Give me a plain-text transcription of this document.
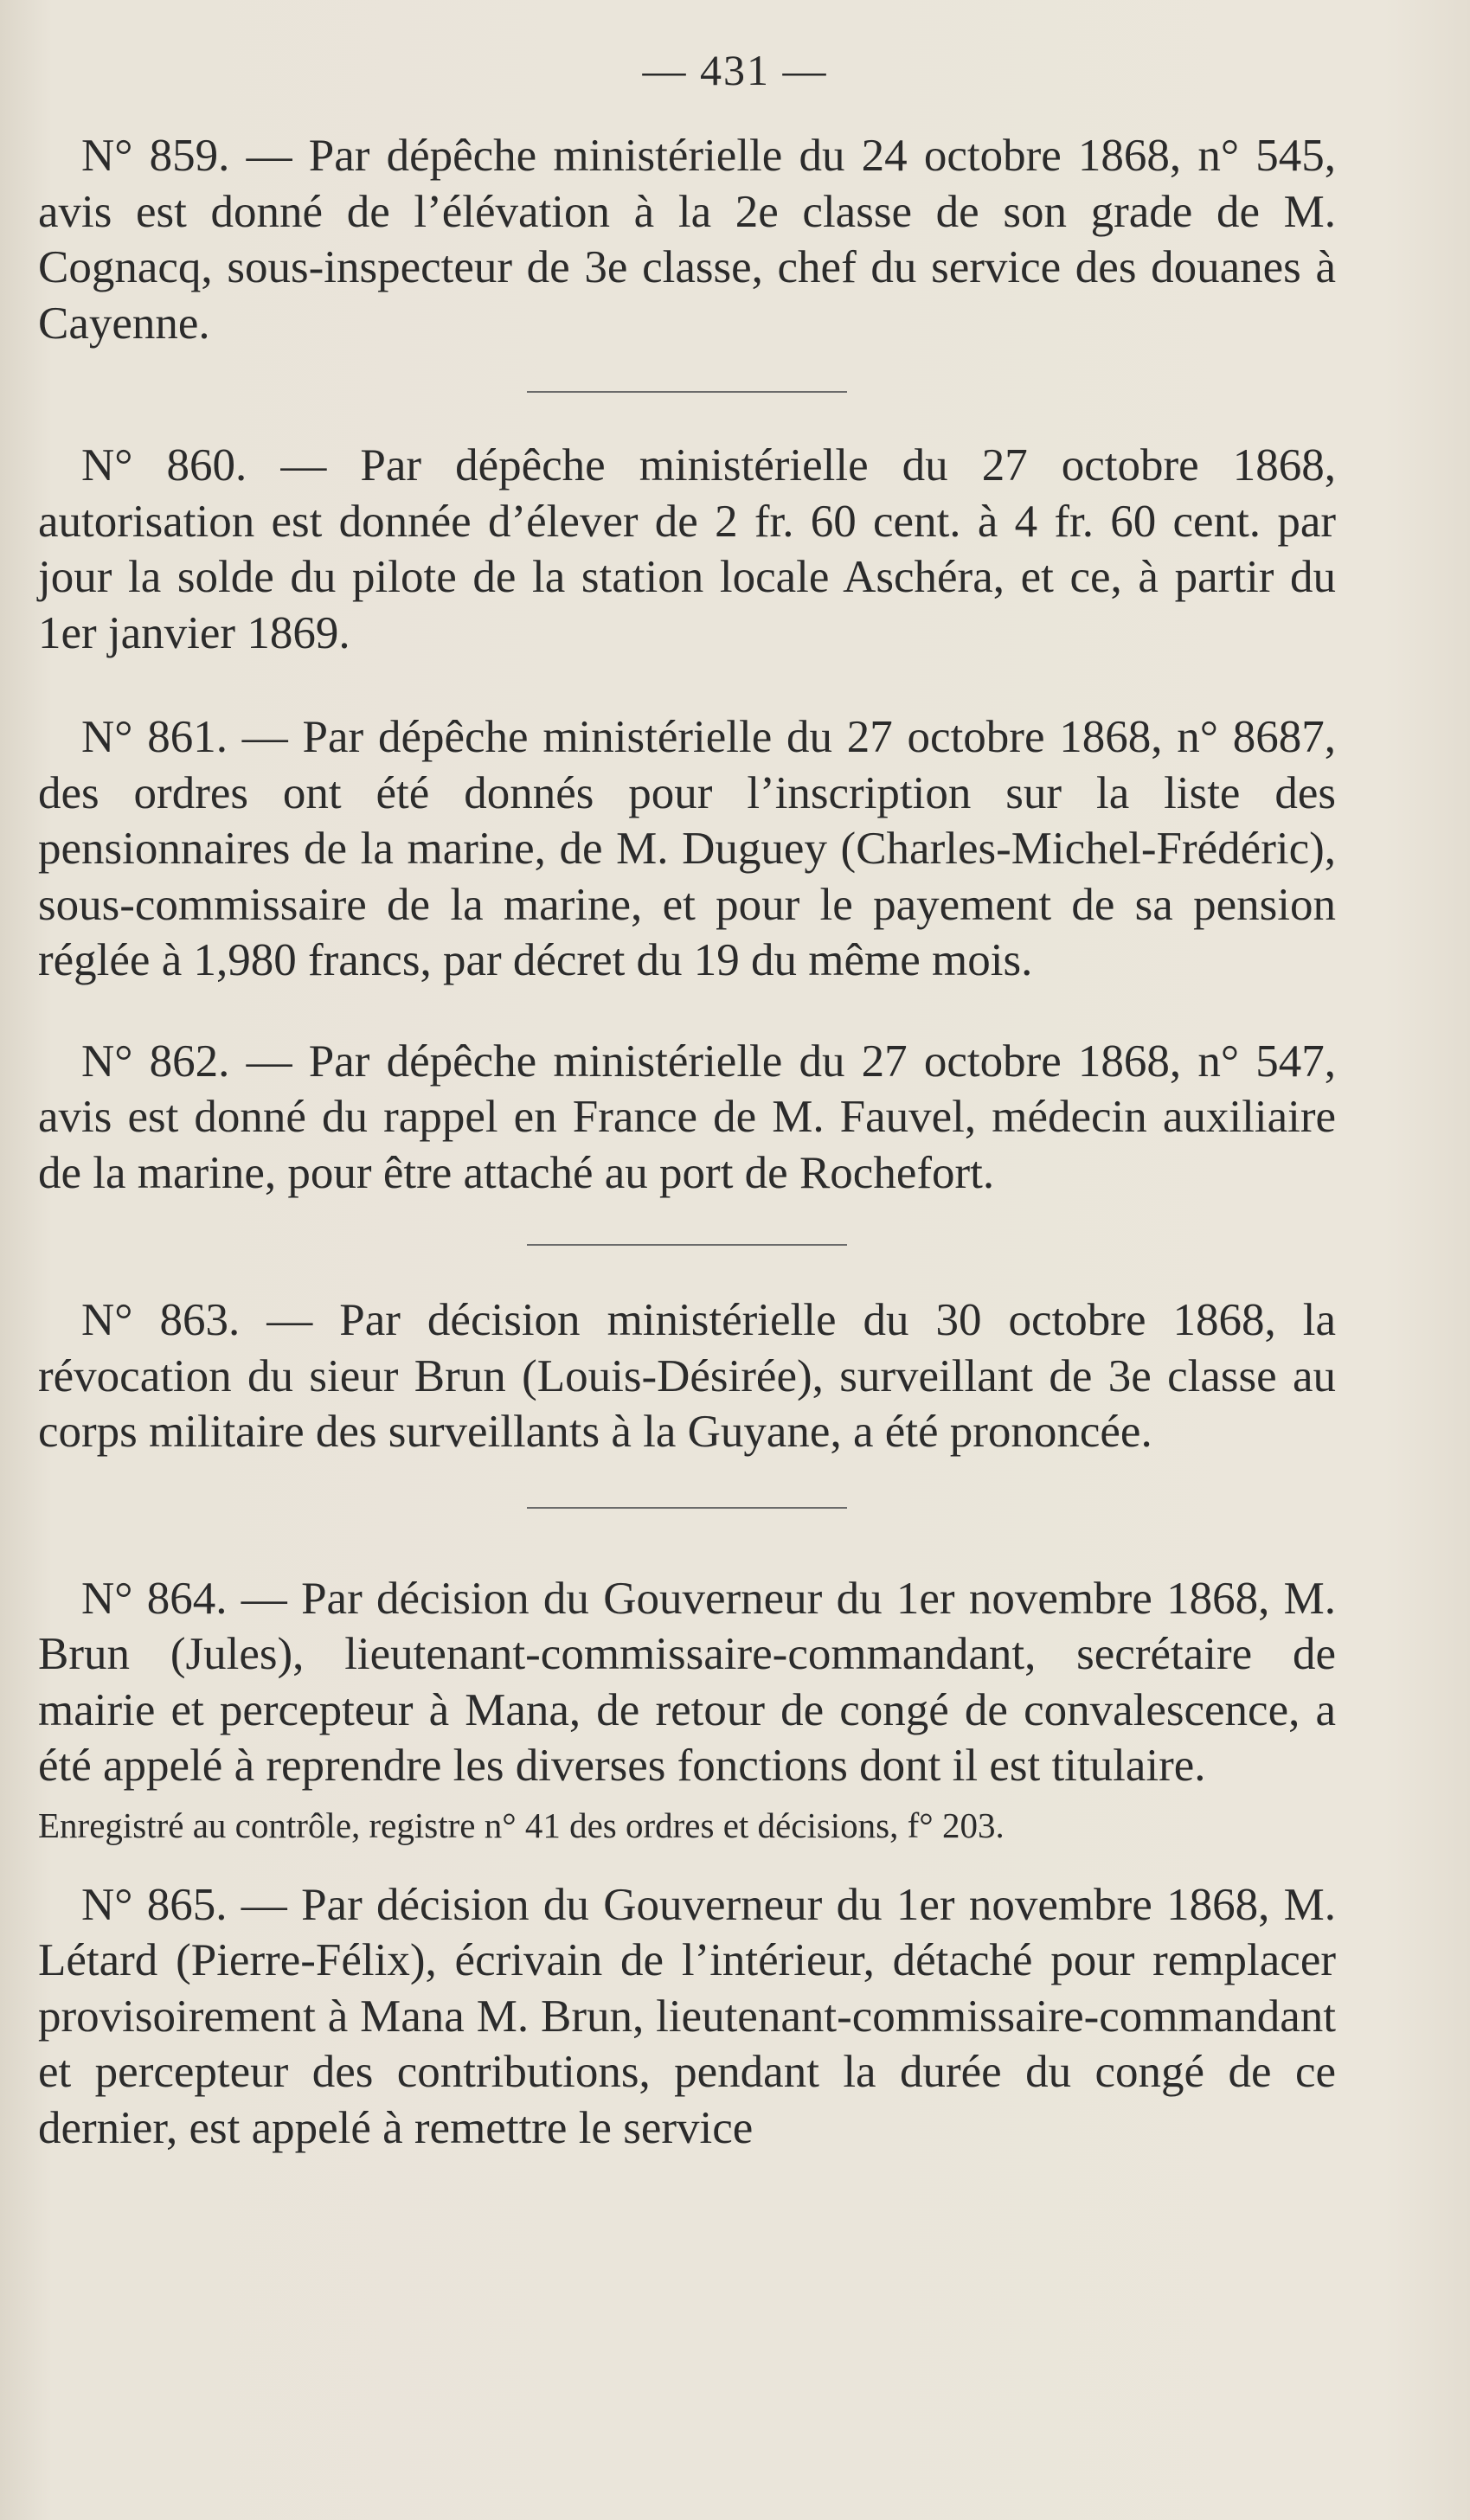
— 431 —

N° 859. — Par dépêche ministérielle du 24 octobre 1868, n° 545, avis est donné de l’élévation à la 2e classe de son grade de M. Cognacq, sous-inspecteur de 3e classe, chef du service des douanes à Cayenne.

N° 860. — Par dépêche ministérielle du 27 octobre 1868, autorisation est donnée d’élever de 2 fr. 60 cent. à 4 fr. 60 cent. par jour la solde du pilote de la station locale Aschéra, et ce, à partir du 1er janvier 1869.

N° 861. — Par dépêche ministérielle du 27 octobre 1868, n° 8687, des ordres ont été donnés pour l’inscription sur la liste des pensionnaires de la marine, de M. Duguey (Charles-Michel-Frédéric), sous-commissaire de la marine, et pour le payement de sa pension réglée à 1,980 francs, par décret du 19 du même mois.

N° 862. — Par dépêche ministérielle du 27 octobre 1868, n° 547, avis est donné du rappel en France de M. Fauvel, médecin auxiliaire de la marine, pour être attaché au port de Rochefort.

N° 863. — Par décision ministérielle du 30 octobre 1868, la révocation du sieur Brun (Louis-Désirée), surveillant de 3e classe au corps militaire des surveillants à la Guyane, a été prononcée.

N° 864. — Par décision du Gouverneur du 1er novembre 1868, M. Brun (Jules), lieutenant-commissaire-commandant, secrétaire de mairie et percepteur à Mana, de retour de congé de convalescence, a été appelé à reprendre les diverses fonctions dont il est titulaire.

Enregistré au contrôle, registre n° 41 des ordres et décisions, f° 203.

N° 865. — Par décision du Gouverneur du 1er novembre 1868, M. Létard (Pierre-Félix), écrivain de l’intérieur, détaché pour remplacer provisoirement à Mana M. Brun, lieutenant-commissaire-commandant et percepteur des contributions, pendant la durée du congé de ce dernier, est appelé à remettre le service
